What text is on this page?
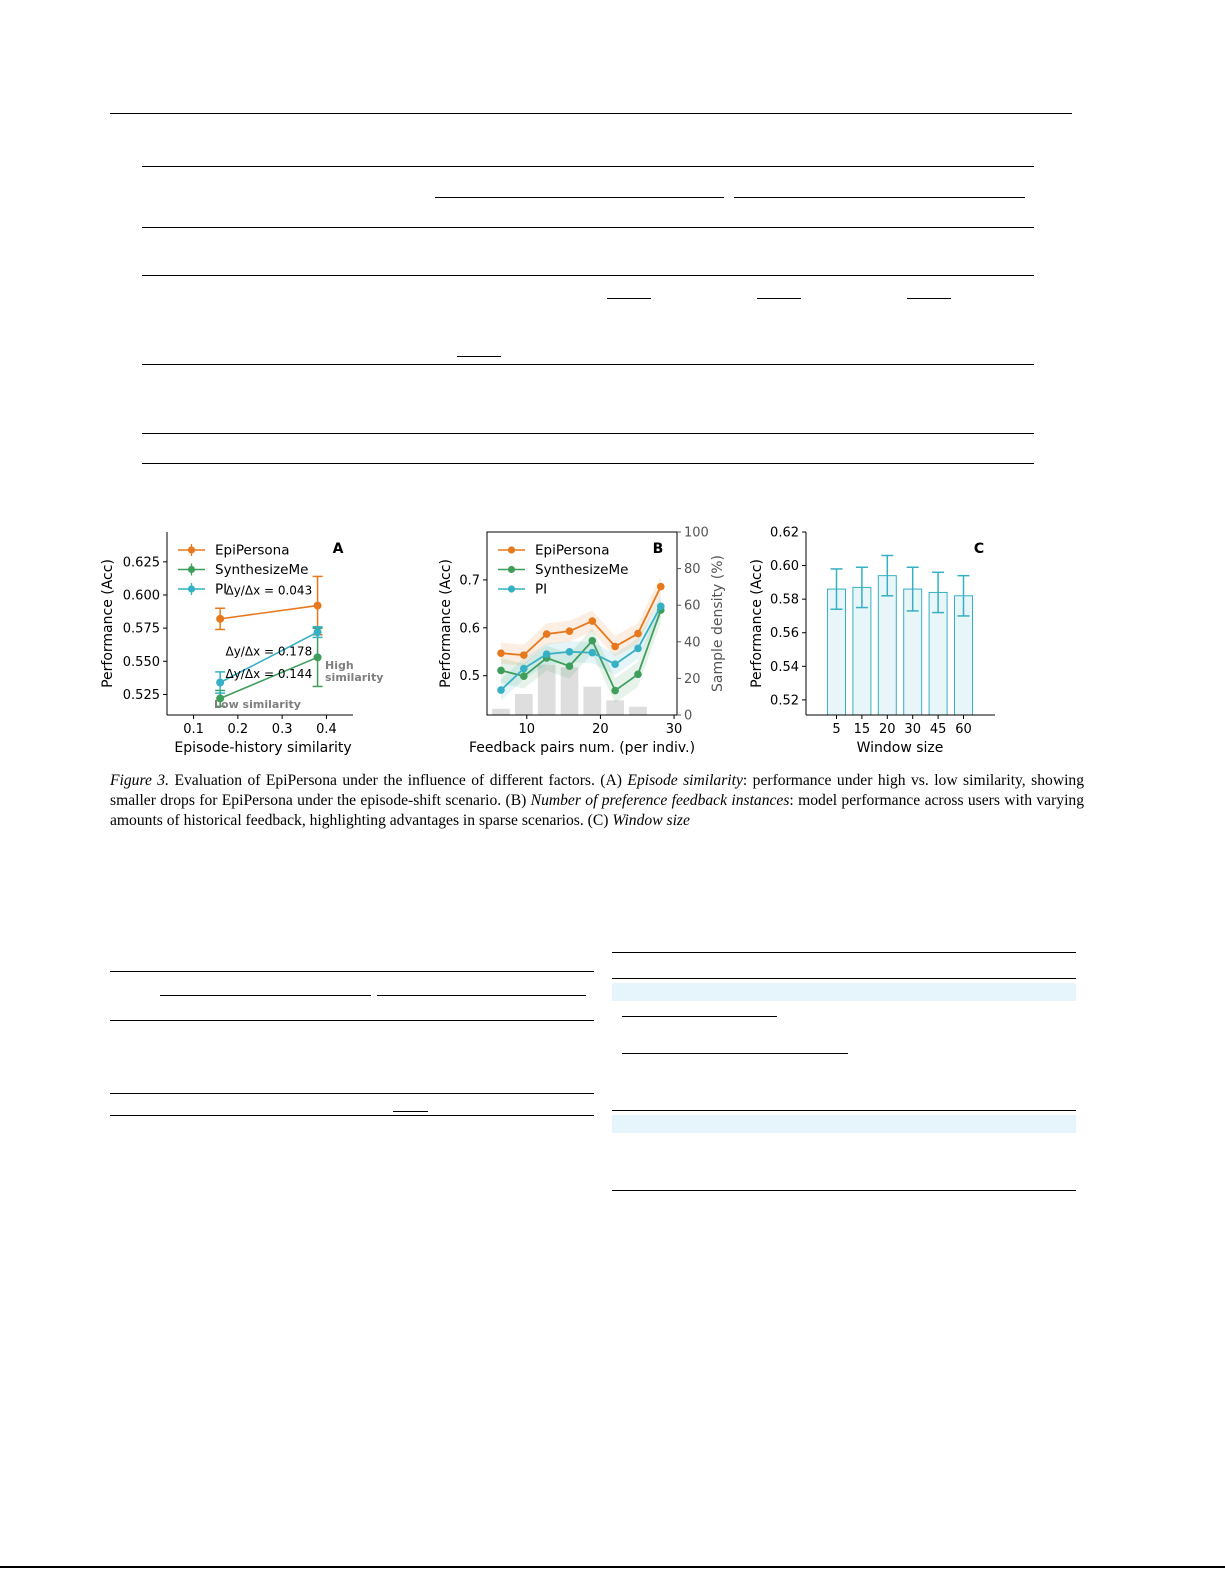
0.1 0.2 0.3 0.4
0.525
0.550
0.575
0.600
0.625
Episode-history similarity
Performance (Acc)	Δy/Δx = 0.043
Δy/Δx = 0.178
Δy/Δx = 0.144
High
similarity
Low similarity
EpiPersona
SynthesizeMe
PI
A
10	20	30
0.5
0.6
0.7
0
20
40
60
80
100
Feedback pairs num. (per indiv.)
Performance (Acc)	Sample density (%)
EpiPersona
SynthesizeMe
PI
B
5 15 20 30 45 60
0.52
0.54
0.56
0.58
0.60
0.62
Window size
Performance (Acc)
C
Figure 3. Evaluation of EpiPersona under the influence of different factors. (A) Episode similarity: performance under high vs. low similarity, showing smaller drops for EpiPersona under the episode-shift scenario. (B) Number of preference feedback instances: model performance across users with varying amounts of historical feedback, highlighting advantages in sparse scenarios. (C) Window size
